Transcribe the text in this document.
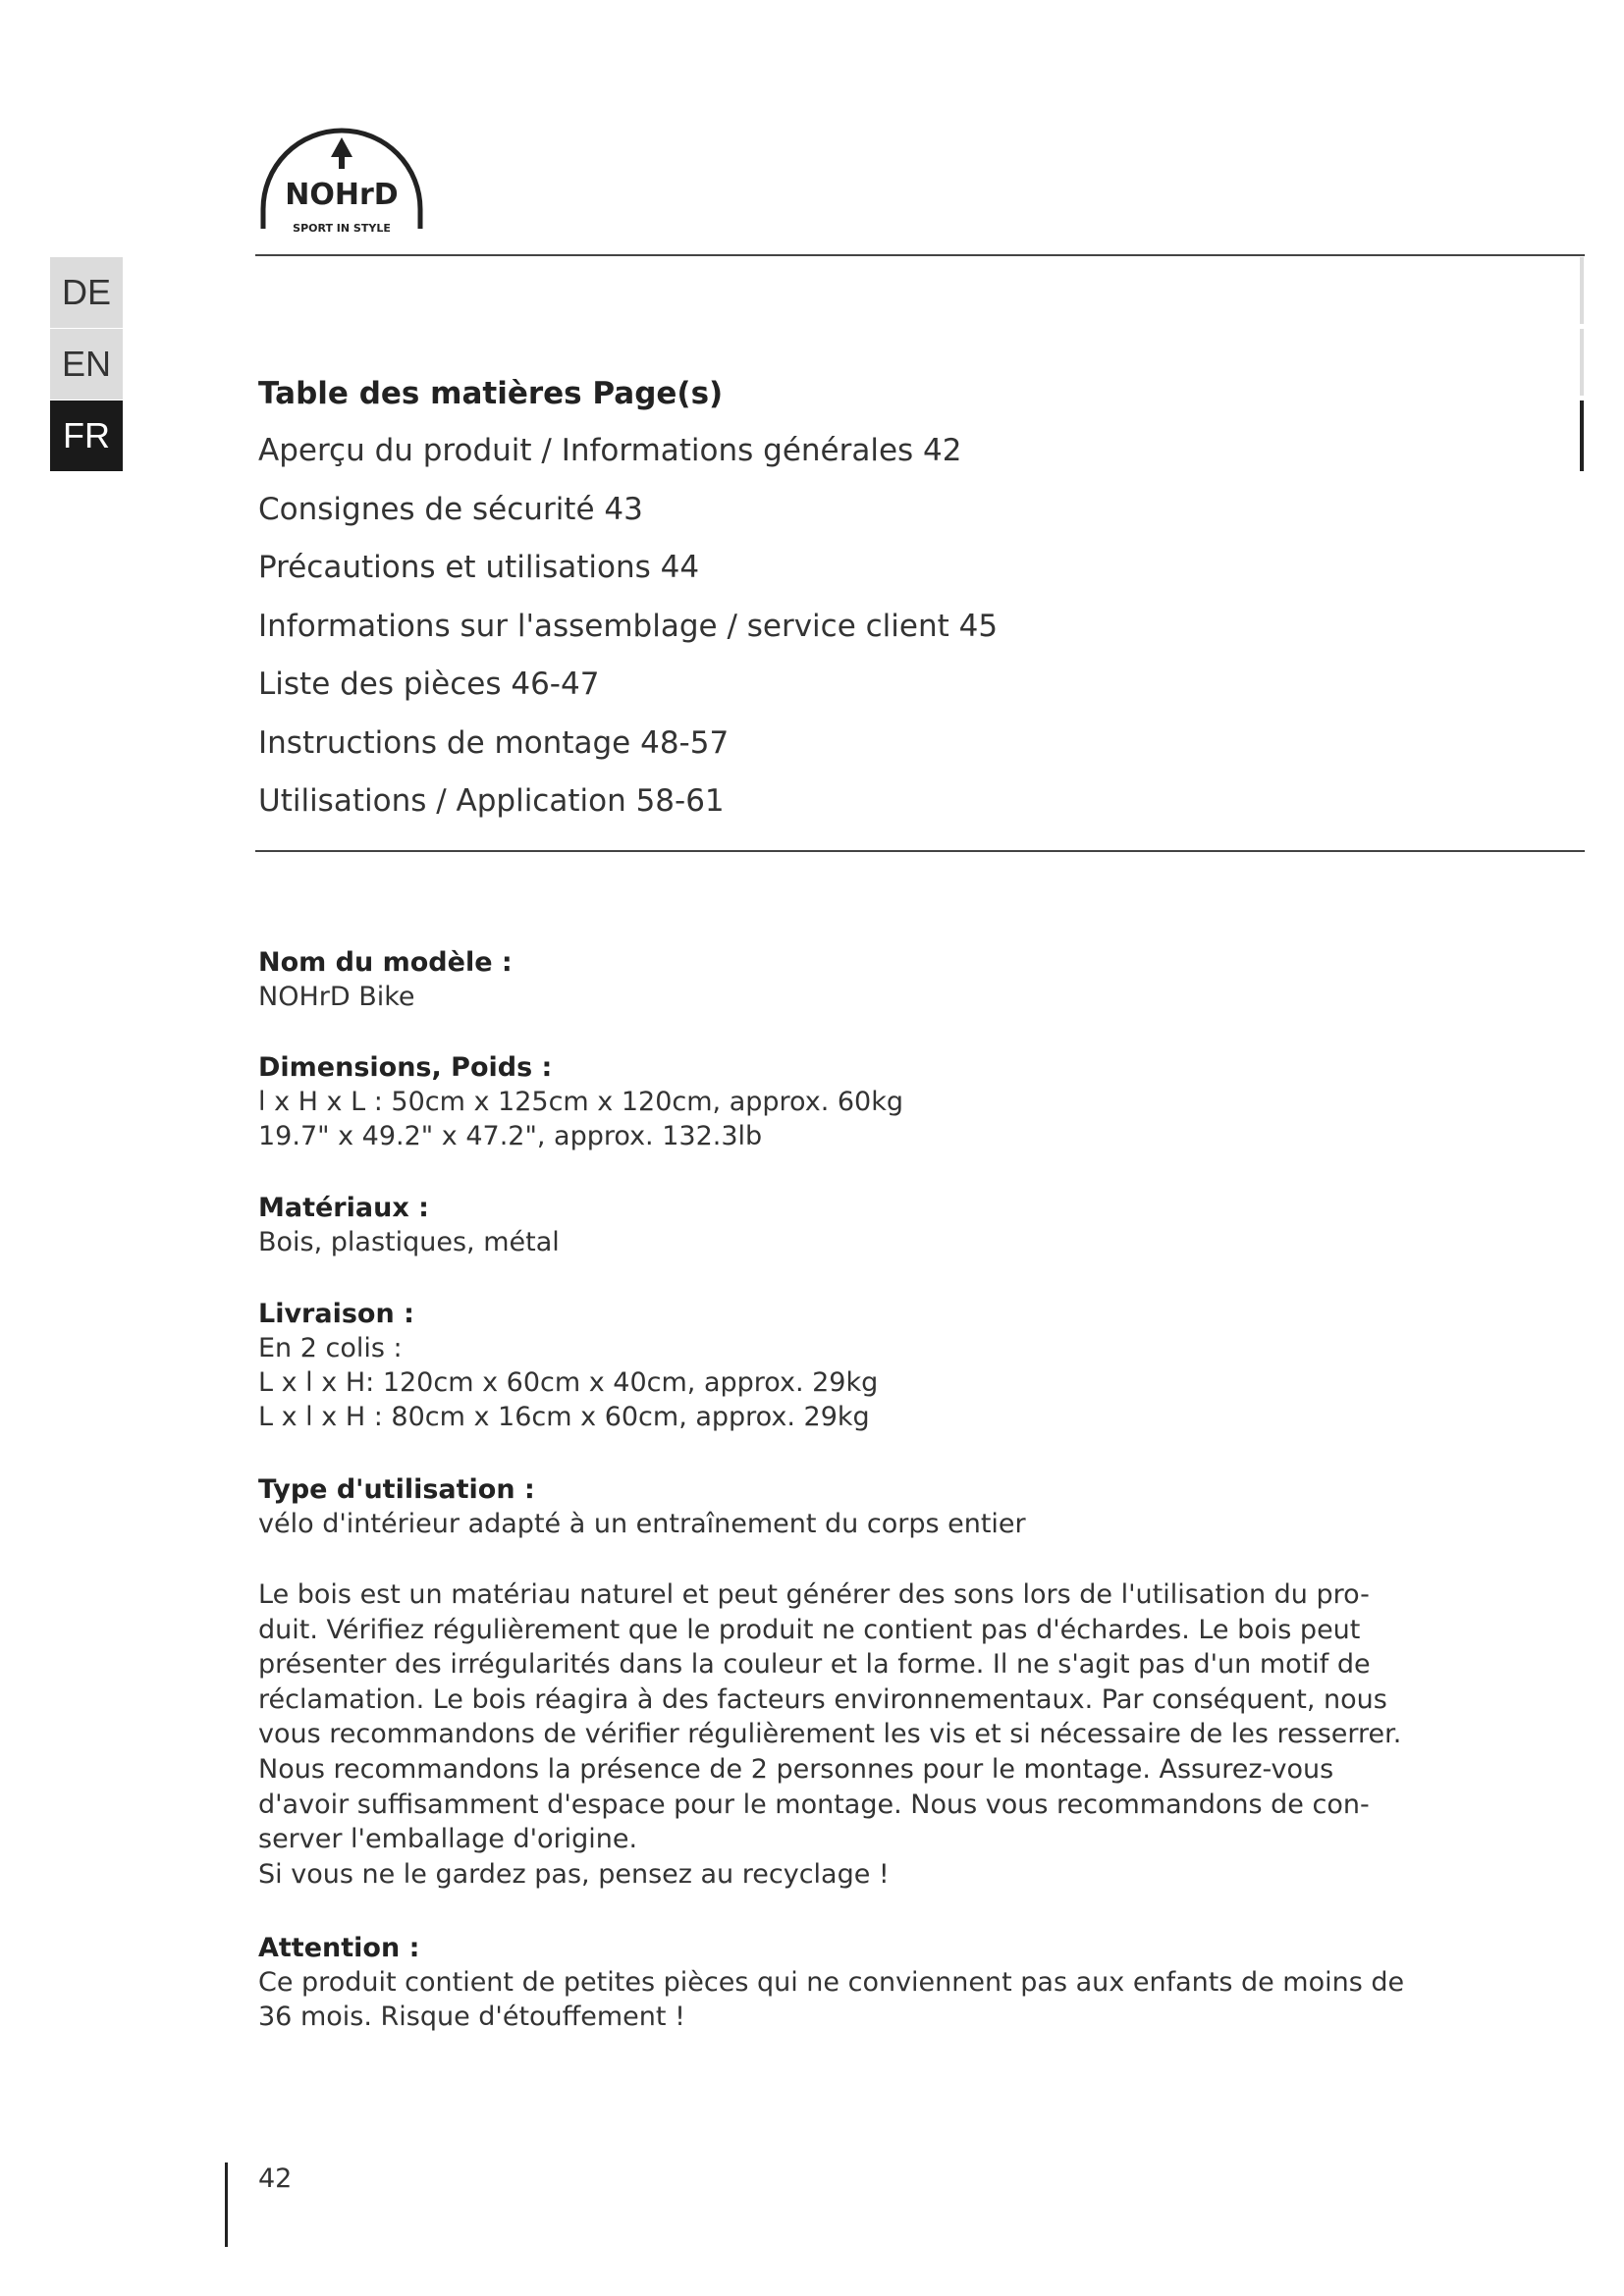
NOHrD
SPORT IN STYLE
DE
EN
FR
Table des matières Page(s)
Aperçu du produit / Informations générales 42
Consignes de sécurité 43
Précautions et utilisations 44
Informations sur l'assemblage / service client 45
Liste des pièces 46-47
Instructions de montage 48-57
Utilisations / Application 58-61
Nom du modèle :
NOHrD Bike
Dimensions, Poids :
l x H x L : 50cm x 125cm x 120cm, approx. 60kg
19.7" x 49.2" x 47.2", approx. 132.3lb
Matériaux :
Bois, plastiques, métal
Livraison :
En 2 colis :
L x l x H: 120cm x 60cm x 40cm, approx. 29kg
L x l x H : 80cm x 16cm x 60cm, approx. 29kg
Type d'utilisation :
vélo d'intérieur adapté à un entraînement du corps entier
Le bois est un matériau naturel et peut générer des sons lors de l'utilisation du pro-
duit. Vérifiez régulièrement que le produit ne contient pas d'échardes. Le bois peut
présenter des irrégularités dans la couleur et la forme. Il ne s'agit pas d'un motif de
réclamation. Le bois réagira à des facteurs environnementaux. Par conséquent, nous
vous recommandons de vérifier régulièrement les vis et si nécessaire de les resserrer.
Nous recommandons la présence de 2 personnes pour le montage. Assurez-vous
d'avoir suffisamment d'espace pour le montage. Nous vous recommandons de con-
server l'emballage d'origine.
Si vous ne le gardez pas, pensez au recyclage !
Attention :
Ce produit contient de petites pièces qui ne conviennent pas aux enfants de moins de
36 mois. Risque d'étouffement !
42
